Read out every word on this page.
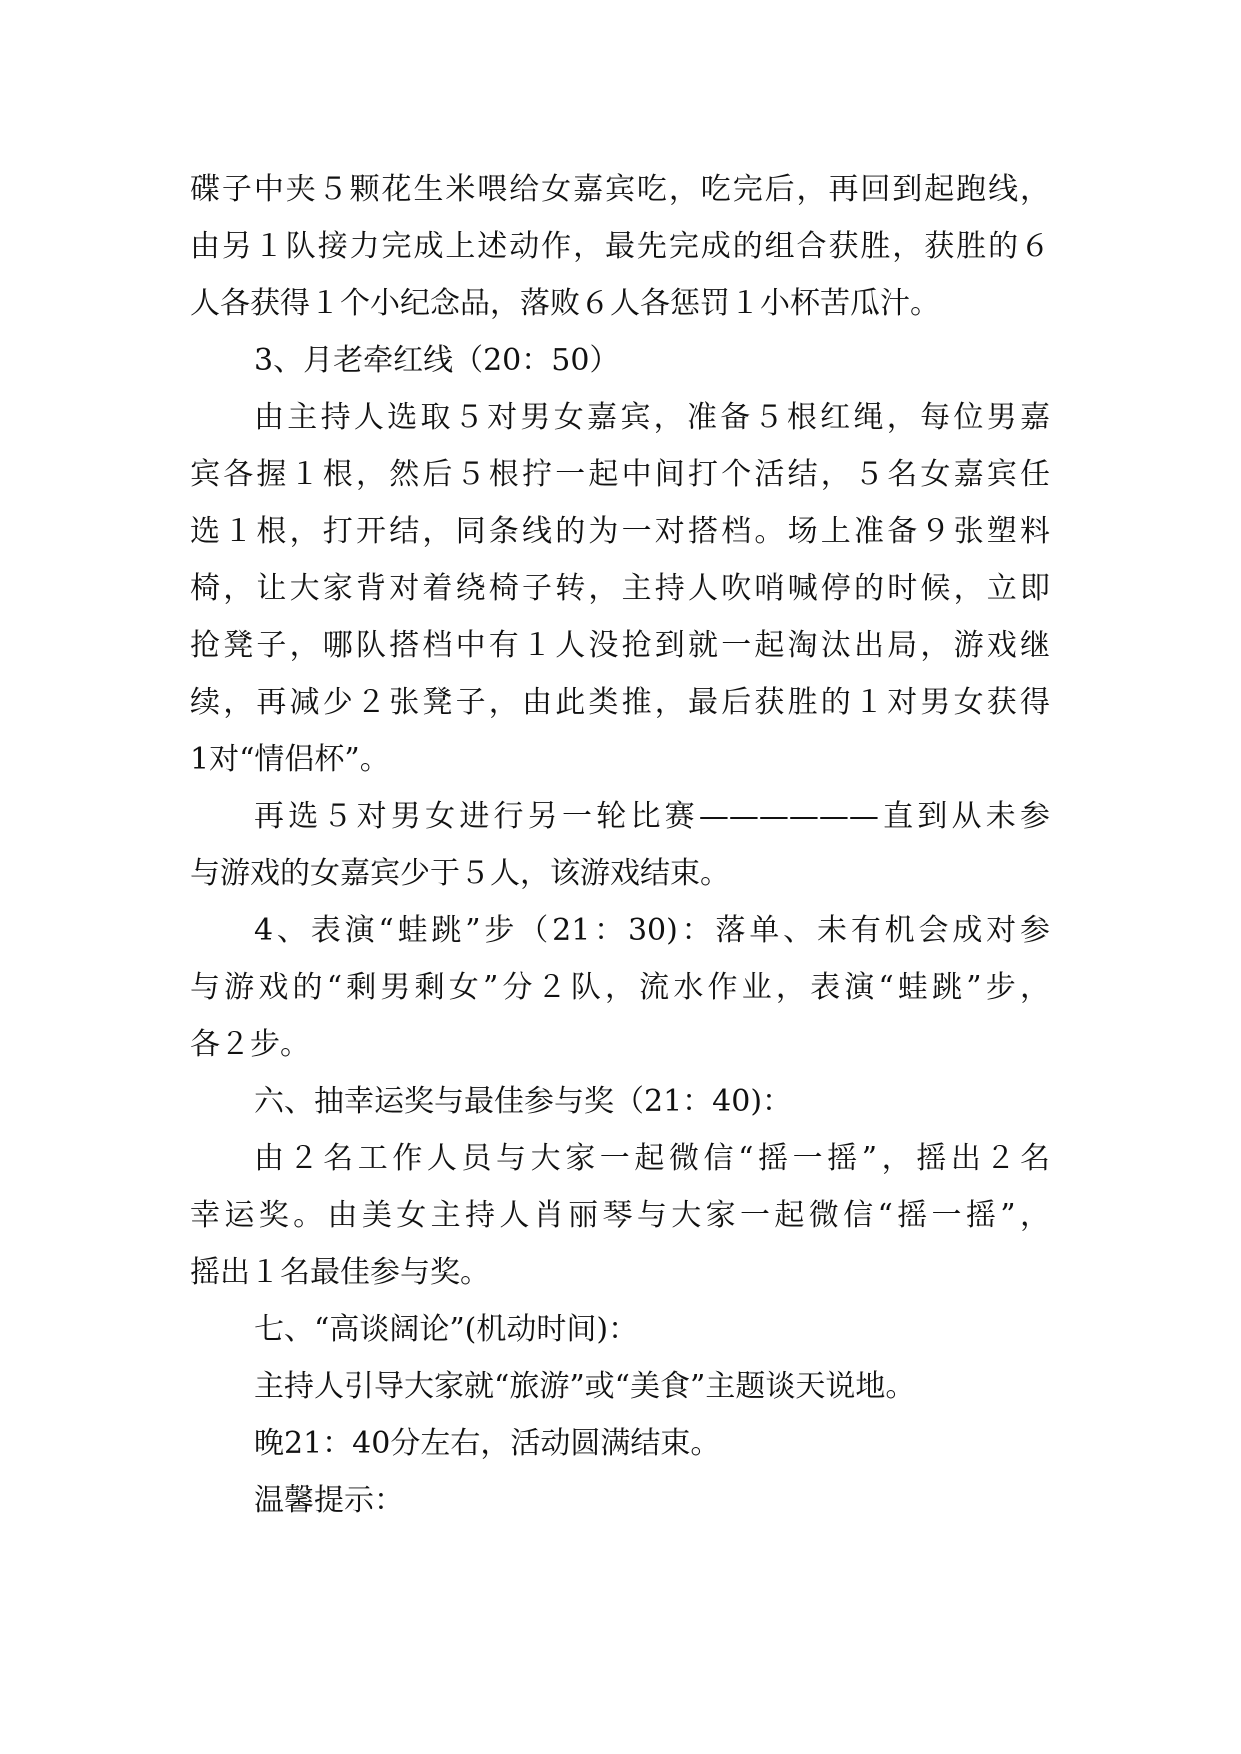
碟子中夹５颗花生米喂给女嘉宾吃，吃完后，再回到起跑线，
由另１队接力完成上述动作，最先完成的组合获胜，获胜的６
人各获得１个小纪念品，落败６人各惩罚１小杯苦瓜汁。
3、月老牵红线（20：50）
由主持人选取５对男女嘉宾，准备５根红绳，每位男嘉
宾各握１根，然后５根拧一起中间打个活结，５名女嘉宾任
选１根，打开结，同条线的为一对搭档。场上准备９张塑料
椅，让大家背对着绕椅子转，主持人吹哨喊停的时候，立即
抢凳子，哪队搭档中有１人没抢到就一起淘汰出局，游戏继
续，再减少２张凳子，由此类推，最后获胜的１对男女获得
1对“情侣杯”。
再选５对男女进行另一轮比赛——————直到从未参
与游戏的女嘉宾少于５人，该游戏结束。
4、表演“蛙跳”步（21：30)：落单、未有机会成对参
与游戏的“剩男剩女”分２队，流水作业，表演“蛙跳”步，
各２步。
六、抽幸运奖与最佳参与奖（21：40)：
由２名工作人员与大家一起微信“摇一摇”，摇出２名
幸运奖。由美女主持人肖丽琴与大家一起微信“摇一摇”，
摇出１名最佳参与奖。
七、“高谈阔论”(机动时间)：
主持人引导大家就“旅游”或“美食”主题谈天说地。
晚21：40分左右，活动圆满结束。
温馨提示：
